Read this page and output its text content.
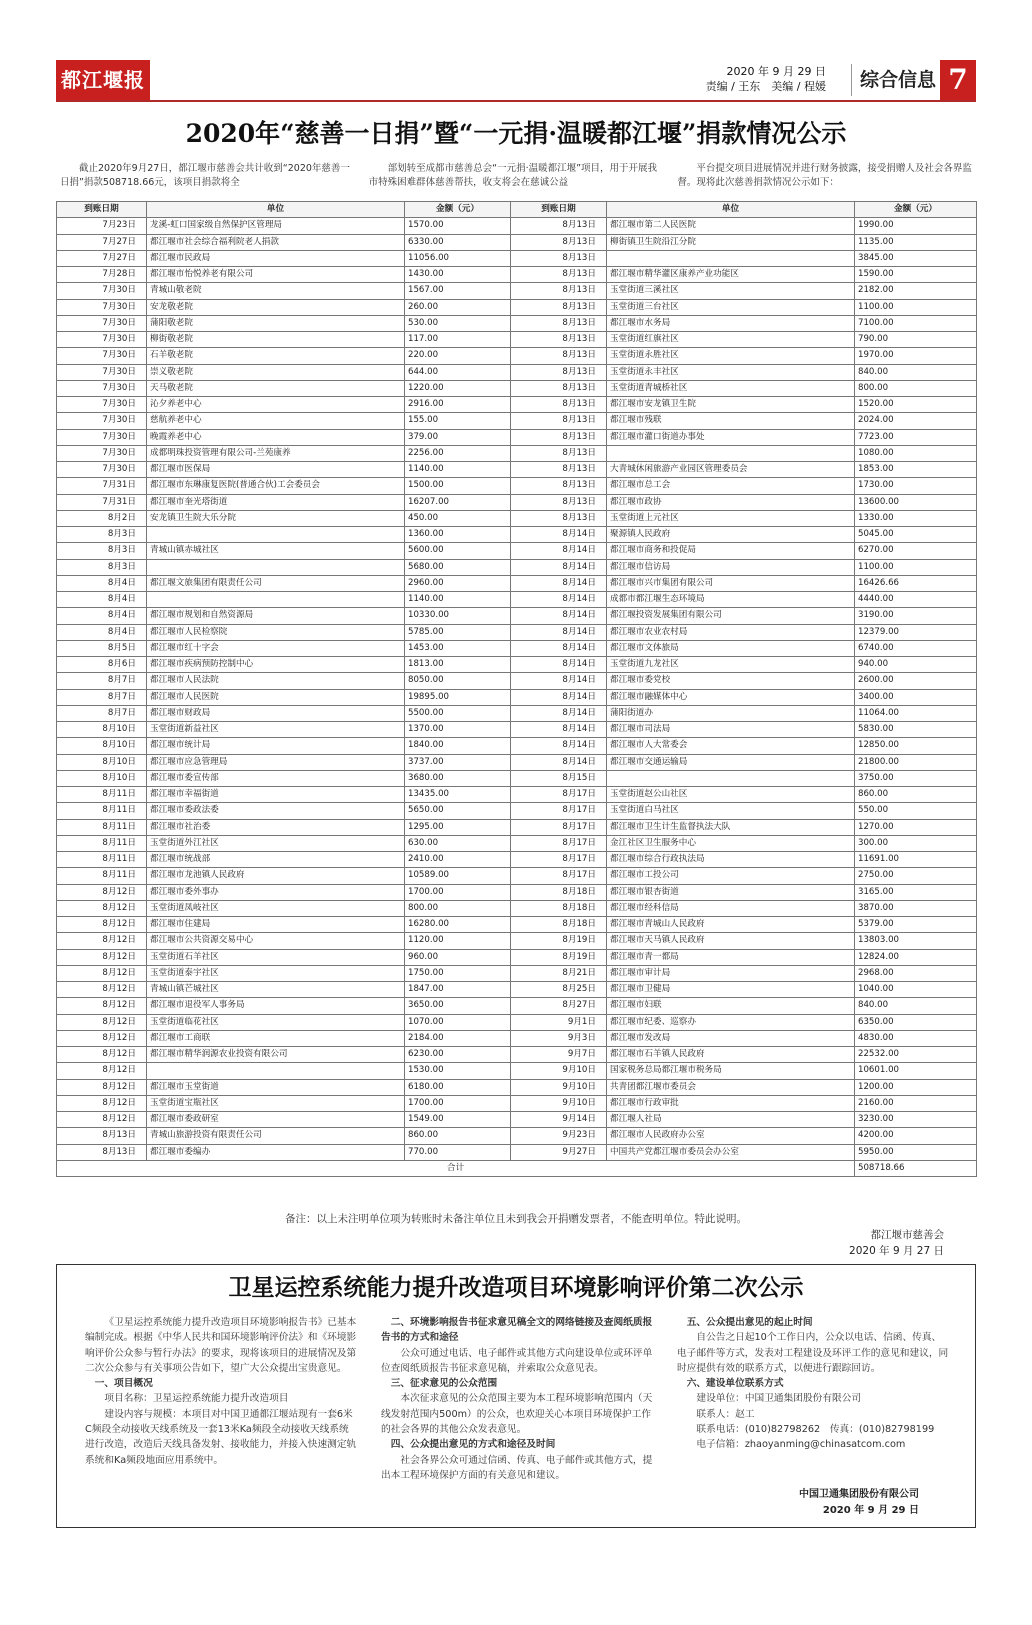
都江堰报	2020 年 9 月 29 日
责编 / 王东　美编 / 程媛	综合信息 7
2020年“慈善一日捐”暨“一元捐·温暖都江堰”捐款情况公示

截止2020年9月27日，都江堰市慈善会共计收到“2020年慈善一日捐”捐款508718.66元，该项目捐款将全

部划转至成都市慈善总会“一元捐·温暖都江堰”项目，用于开展我市特殊困难群体慈善帮扶，收支将会在慈诚公益

平台提交项目进展情况并进行财务披露，接受捐赠人及社会各界监督。现将此次慈善捐款情况公示如下：

到账日期	单位	金额（元）	到账日期	单位	金额（元）
7月23日	龙溪-虹口国家级自然保护区管理局	1570.00	8月13日	都江堰市第二人民医院	1990.00
7月27日	都江堰市社会综合福利院老人捐款	6330.00	8月13日	柳街镇卫生院沿江分院	1135.00
7月27日	都江堰市民政局	11056.00	8月13日		3845.00
7月28日	都江堰市怡悦养老有限公司	1430.00	8月13日	都江堰市精华灌区康养产业功能区	1590.00
7月30日	青城山敬老院	1567.00	8月13日	玉堂街道三溪社区	2182.00
7月30日	安龙敬老院	260.00	8月13日	玉堂街道三台社区	1100.00
7月30日	蒲阳敬老院	530.00	8月13日	都江堰市水务局	7100.00
7月30日	柳街敬老院	117.00	8月13日	玉堂街道红旗社区	790.00
7月30日	石羊敬老院	220.00	8月13日	玉堂街道永胜社区	1970.00
7月30日	崇义敬老院	644.00	8月13日	玉堂街道永丰社区	840.00
7月30日	天马敬老院	1220.00	8月13日	玉堂街道青城桥社区	800.00
7月30日	沁夕养老中心	2916.00	8月13日	都江堰市安龙镇卫生院	1520.00
7月30日	慈航养老中心	155.00	8月13日	都江堰市残联	2024.00
7月30日	晚霞养老中心	379.00	8月13日	都江堰市灌口街道办事处	7723.00
7月30日	成都明珠投资管理有限公司-兰苑康养	2256.00	8月13日		1080.00
7月30日	都江堰市医保局	1140.00	8月13日	大青城休闲旅游产业园区管理委员会	1853.00
7月31日	都江堰市东琳康复医院(普通合伙)工会委员会	1500.00	8月13日	都江堰市总工会	1730.00
7月31日	都江堰市奎光塔街道	16207.00	8月13日	都江堰市政协	13600.00
8月2日	安龙镇卫生院大乐分院	450.00	8月13日	玉堂街道上元社区	1330.00
8月3日		1360.00	8月14日	聚源镇人民政府	5045.00
8月3日	青城山镇赤城社区	5600.00	8月14日	都江堰市商务和投促局	6270.00
8月3日		5680.00	8月14日	都江堰市信访局	1100.00
8月4日	都江堰文旅集团有限责任公司	2960.00	8月14日	都江堰市兴市集团有限公司	16426.66
8月4日		1140.00	8月14日	成都市都江堰生态环境局	4440.00
8月4日	都江堰市规划和自然资源局	10330.00	8月14日	都江堰投资发展集团有限公司	3190.00
8月4日	都江堰市人民检察院	5785.00	8月14日	都江堰市农业农村局	12379.00
8月5日	都江堰市红十字会	1453.00	8月14日	都江堰市文体旅局	6740.00
8月6日	都江堰市疾病预防控制中心	1813.00	8月14日	玉堂街道九龙社区	940.00
8月7日	都江堰市人民法院	8050.00	8月14日	都江堰市委党校	2600.00
8月7日	都江堰市人民医院	19895.00	8月14日	都江堰市融媒体中心	3400.00
8月7日	都江堰市财政局	5500.00	8月14日	蒲阳街道办	11064.00
8月10日	玉堂街道新益社区	1370.00	8月14日	都江堰市司法局	5830.00
8月10日	都江堰市统计局	1840.00	8月14日	都江堰市人大常委会	12850.00
8月10日	都江堰市应急管理局	3737.00	8月14日	都江堰市交通运输局	21800.00
8月10日	都江堰市委宣传部	3680.00	8月15日		3750.00
8月11日	都江堰市幸福街道	13435.00	8月17日	玉堂街道赵公山社区	860.00
8月11日	都江堰市委政法委	5650.00	8月17日	玉堂街道白马社区	550.00
8月11日	都江堰市社治委	1295.00	8月17日	都江堰市卫生计生监督执法大队	1270.00
8月11日	玉堂街道外江社区	630.00	8月17日	金江社区卫生服务中心	300.00
8月11日	都江堰市统战部	2410.00	8月17日	都江堰市综合行政执法局	11691.00
8月11日	都江堰市龙池镇人民政府	10589.00	8月17日	都江堰市工投公司	2750.00
8月12日	都江堰市委外事办	1700.00	8月18日	都江堰市银杏街道	3165.00
8月12日	玉堂街道凤岐社区	800.00	8月18日	都江堰市经科信局	3870.00
8月12日	都江堰市住建局	16280.00	8月18日	都江堰市青城山人民政府	5379.00
8月12日	都江堰市公共资源交易中心	1120.00	8月19日	都江堰市天马镇人民政府	13803.00
8月12日	玉堂街道石羊社区	960.00	8月19日	都江堰市青一都局	12824.00
8月12日	玉堂街道泰宇社区	1750.00	8月21日	都江堰市审计局	2968.00
8月12日	青城山镇芒城社区	1847.00	8月25日	都江堰市卫健局	1040.00
8月12日	都江堰市退役军人事务局	3650.00	8月27日	都江堰市妇联	840.00
8月12日	玉堂街道临花社区	1070.00	9月1日	都江堰市纪委、巡察办	6350.00
8月12日	都江堰市工商联	2184.00	9月3日	都江堰市发改局	4830.00
8月12日	都江堰市精华润源农业投资有限公司	6230.00	9月7日	都江堰市石羊镇人民政府	22532.00
8月12日		1530.00	9月10日	国家税务总局都江堰市税务局	10601.00
8月12日	都江堰市玉堂街道	6180.00	9月10日	共青团都江堰市委员会	1200.00
8月12日	玉堂街道宝瓶社区	1700.00	9月10日	都江堰市行政审批	2160.00
8月12日	都江堰市委政研室	1549.00	9月14日	都江堰人社局	3230.00
8月13日	青城山旅游投资有限责任公司	860.00	9月23日	都江堰市人民政府办公室	4200.00
8月13日	都江堰市委编办	770.00	9月27日	中国共产党都江堰市委员会办公室	5950.00
合计					508718.66
备注：以上未注明单位项为转账时未备注单位且未到我会开捐赠发票者，不能查明单位。特此说明。
都江堰市慈善会
2020 年 9 月 27 日
卫星运控系统能力提升改造项目环境影响评价第二次公示

《卫星运控系统能力提升改造项目环境影响报告书》已基本编制完成。根据《中华人民共和国环境影响评价法》和《环境影响评价公众参与暂行办法》的要求，现将该项目的进展情况及第二次公众参与有关事项公告如下，望广大公众提出宝贵意见。

一、项目概况

项目名称：卫星运控系统能力提升改造项目

建设内容与规模：本项目对中国卫通都江堰站现有一套6米C频段全动接收天线系统及一套13米Ka频段全动接收天线系统进行改造，改造后天线具备发射、接收能力，并接入快速测定轨系统和Ka频段地面应用系统中。

二、环境影响报告书征求意见稿全文的网络链接及查阅纸质报告书的方式和途径

公众可通过电话、电子邮件或其他方式向建设单位或环评单位查阅纸质报告书征求意见稿，并索取公众意见表。

三、征求意见的公众范围

本次征求意见的公众范围主要为本工程环境影响范围内（天线发射范围内500m）的公众，也欢迎关心本项目环境保护工作的社会各界的其他公众发表意见。

四、公众提出意见的方式和途径及时间

社会各界公众可通过信函、传真、电子邮件或其他方式，提出本工程环境保护方面的有关意见和建议。

五、公众提出意见的起止时间

自公告之日起10个工作日内，公众以电话、信函、传真、电子邮件等方式，发表对工程建设及环评工作的意见和建议，同时应提供有效的联系方式，以便进行跟踪回访。

六、建设单位联系方式

建设单位：中国卫通集团股份有限公司

联系人：赵工

联系电话：(010)82798262　传真：(010)82798199

电子信箱：zhaoyanming@chinasatcom.com

中国卫通集团股份有限公司
2020 年 9 月 29 日
